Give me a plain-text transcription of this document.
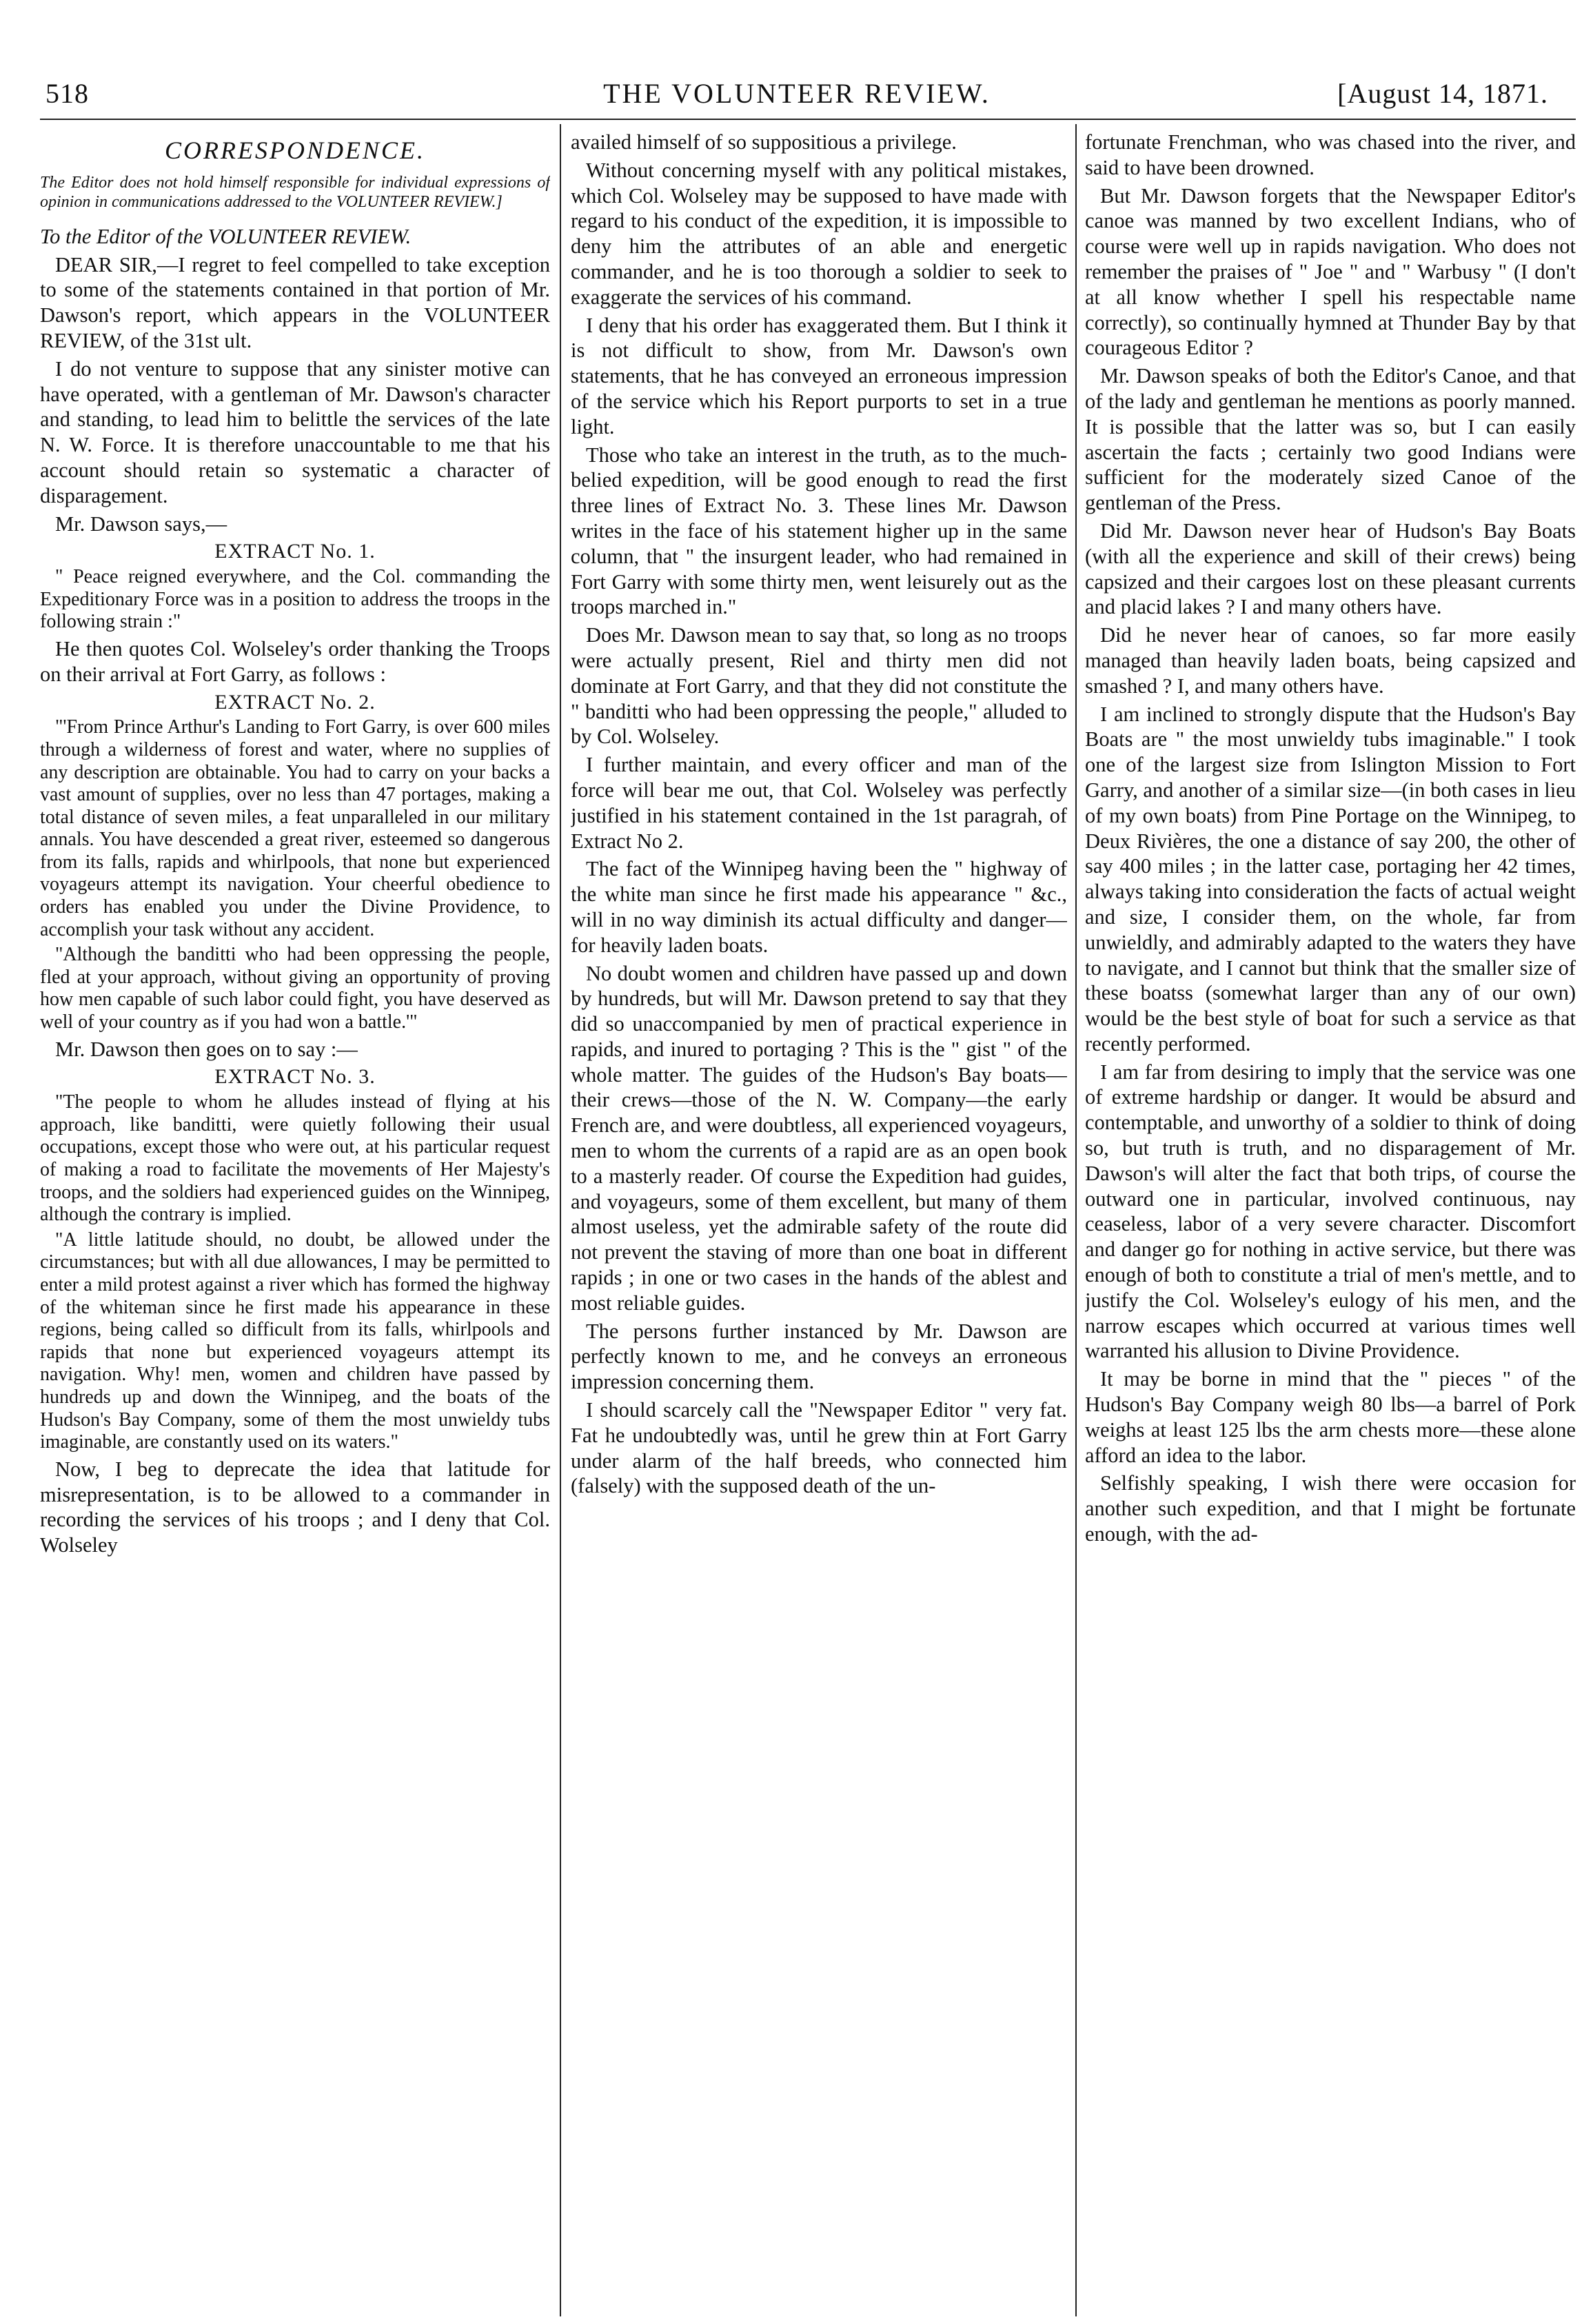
518	THE VOLUNTEER REVIEW.	[August 14, 1871.
CORRESPONDENCE.

The Editor does not hold himself responsible for individual expressions of opinion in communications addressed to the VOLUNTEER REVIEW.]

To the Editor of the VOLUNTEER REVIEW.

DEAR SIR,—I regret to feel compelled to take exception to some of the statements contained in that portion of Mr. Dawson's report, which appears in the VOLUNTEER REVIEW, of the 31st ult.

I do not venture to suppose that any sinister motive can have operated, with a gentleman of Mr. Dawson's character and standing, to lead him to belittle the services of the late N. W. Force. It is therefore unaccountable to me that his account should retain so systematic a character of disparagement.

Mr. Dawson says,—

EXTRACT No. 1.

" Peace reigned everywhere, and the Col. commanding the Expeditionary Force was in a position to address the troops in the following strain :"

He then quotes Col. Wolseley's order thanking the Troops on their arrival at Fort Garry, as follows :

EXTRACT No. 2.

"'From Prince Arthur's Landing to Fort Garry, is over 600 miles through a wilderness of forest and water, where no supplies of any description are obtainable. You had to carry on your backs a vast amount of supplies, over no less than 47 portages, making a total distance of seven miles, a feat unparalleled in our military annals. You have descended a great river, esteemed so dangerous from its falls, rapids and whirlpools, that none but experienced voyageurs attempt its navigation. Your cheerful obedience to orders has enabled you under the Divine Providence, to accomplish your task without any accident.

"Although the banditti who had been oppressing the people, fled at your approach, without giving an opportunity of proving how men capable of such labor could fight, you have deserved as well of your country as if you had won a battle.'"

Mr. Dawson then goes on to say :—

EXTRACT No. 3.

"The people to whom he alludes instead of flying at his approach, like banditti, were quietly following their usual occupations, except those who were out, at his particular request of making a road to facilitate the movements of Her Majesty's troops, and the soldiers had experienced guides on the Winnipeg, although the contrary is implied.

"A little latitude should, no doubt, be allowed under the circumstances; but with all due allowances, I may be permitted to enter a mild protest against a river which has formed the highway of the whiteman since he first made his appearance in these regions, being called so difficult from its falls, whirlpools and rapids that none but experienced voyageurs attempt its navigation. Why! men, women and children have passed by hundreds up and down the Winnipeg, and the boats of the Hudson's Bay Company, some of them the most unwieldy tubs imaginable, are constantly used on its waters."

Now, I beg to deprecate the idea that latitude for misrepresentation, is to be allowed to a commander in recording the services of his troops ; and I deny that Col. Wolseley

availed himself of so suppositious a privilege.

Without concerning myself with any political mistakes, which Col. Wolseley may be supposed to have made with regard to his conduct of the expedition, it is impossible to deny him the attributes of an able and energetic commander, and he is too thorough a soldier to seek to exaggerate the services of his command.

I deny that his order has exaggerated them. But I think it is not difficult to show, from Mr. Dawson's own statements, that he has conveyed an erroneous impression of the service which his Report purports to set in a true light.

Those who take an interest in the truth, as to the much-belied expedition, will be good enough to read the first three lines of Extract No. 3. These lines Mr. Dawson writes in the face of his statement higher up in the same column, that " the insurgent leader, who had remained in Fort Garry with some thirty men, went leisurely out as the troops marched in."

Does Mr. Dawson mean to say that, so long as no troops were actually present, Riel and thirty men did not dominate at Fort Garry, and that they did not constitute the " banditti who had been oppressing the people," alluded to by Col. Wolseley.

I further maintain, and every officer and man of the force will bear me out, that Col. Wolseley was perfectly justified in his statement contained in the 1st paragrah, of Extract No 2.

The fact of the Winnipeg having been the " highway of the white man since he first made his appearance " &c., will in no way diminish its actual difficulty and danger— for heavily laden boats.

No doubt women and children have passed up and down by hundreds, but will Mr. Dawson pretend to say that they did so unaccompanied by men of practical experience in rapids, and inured to portaging ? This is the " gist " of the whole matter. The guides of the Hudson's Bay boats—their crews—those of the N. W. Company—the early French are, and were doubtless, all experienced voyageurs, men to whom the currents of a rapid are as an open book to a masterly reader. Of course the Expedition had guides, and voyageurs, some of them excellent, but many of them almost useless, yet the admirable safety of the route did not prevent the staving of more than one boat in different rapids ; in one or two cases in the hands of the ablest and most reliable guides.

The persons further instanced by Mr. Dawson are perfectly known to me, and he conveys an erroneous impression concerning them.

I should scarcely call the "Newspaper Editor " very fat. Fat he undoubtedly was, until he grew thin at Fort Garry under alarm of the half breeds, who connected him (falsely) with the supposed death of the un-

fortunate Frenchman, who was chased into the river, and said to have been drowned.

But Mr. Dawson forgets that the Newspaper Editor's canoe was manned by two excellent Indians, who of course were well up in rapids navigation. Who does not remember the praises of " Joe " and " Warbusy " (I don't at all know whether I spell his respectable name correctly), so continually hymned at Thunder Bay by that courageous Editor ?

Mr. Dawson speaks of both the Editor's Canoe, and that of the lady and gentleman he mentions as poorly manned. It is possible that the latter was so, but I can easily ascertain the facts ; certainly two good Indians were sufficient for the moderately sized Canoe of the gentleman of the Press.

Did Mr. Dawson never hear of Hudson's Bay Boats (with all the experience and skill of their crews) being capsized and their cargoes lost on these pleasant currents and placid lakes ? I and many others have.

Did he never hear of canoes, so far more easily managed than heavily laden boats, being capsized and smashed ? I, and many others have.

I am inclined to strongly dispute that the Hudson's Bay Boats are " the most unwieldy tubs imaginable." I took one of the largest size from Islington Mission to Fort Garry, and another of a similar size—(in both cases in lieu of my own boats) from Pine Portage on the Winnipeg, to Deux Rivières, the one a distance of say 200, the other of say 400 miles ; in the latter case, portaging her 42 times, always taking into consideration the facts of actual weight and size, I consider them, on the whole, far from unwieldly, and admirably adapted to the waters they have to navigate, and I cannot but think that the smaller size of these boatss (somewhat larger than any of our own) would be the best style of boat for such a service as that recently performed.

I am far from desiring to imply that the service was one of extreme hardship or danger. It would be absurd and contemptable, and unworthy of a soldier to think of doing so, but truth is truth, and no disparagement of Mr. Dawson's will alter the fact that both trips, of course the outward one in particular, involved continuous, nay ceaseless, labor of a very severe character. Discomfort and danger go for nothing in active service, but there was enough of both to constitute a trial of men's mettle, and to justify the Col. Wolseley's eulogy of his men, and the narrow escapes which occurred at various times well warranted his allusion to Divine Providence.

It may be borne in mind that the " pieces " of the Hudson's Bay Company weigh 80 lbs—a barrel of Pork weighs at least 125 lbs the arm chests more—these alone afford an idea to the labor.

Selfishly speaking, I wish there were occasion for another such expedition, and that I might be fortunate enough, with the ad-
